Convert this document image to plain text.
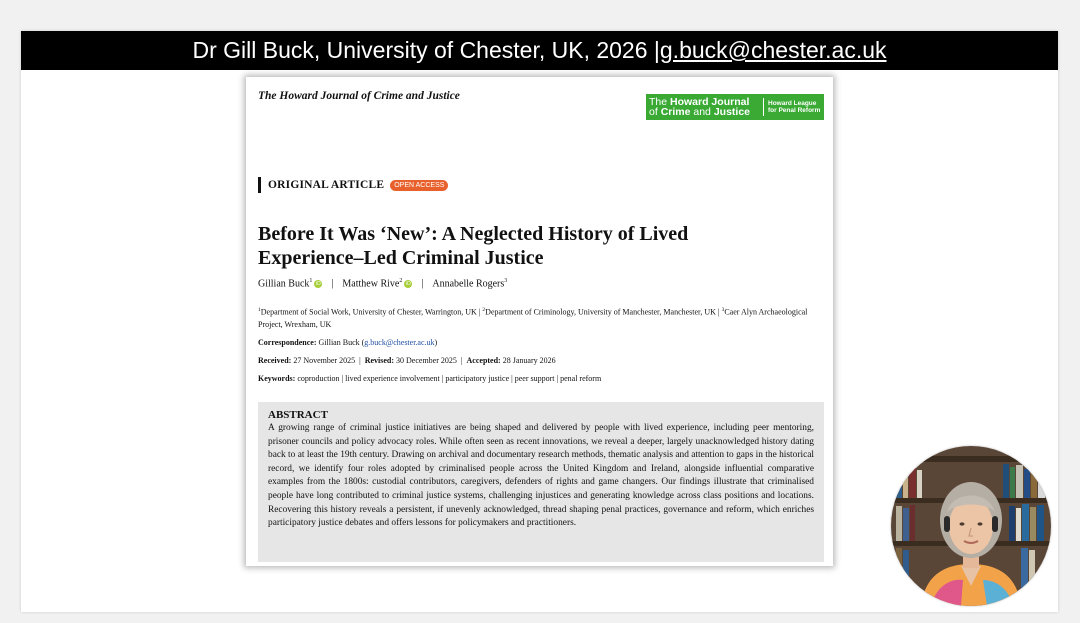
Dr Gill Buck, University of Chester, UK, 2026 | g.buck@chester.ac.uk
The Howard Journal of Crime and Justice	The Howard Journal
of Crime and Justice
Howard League
for Penal Reform
ORIGINAL ARTICLE	OPEN ACCESS
Before It Was ‘New’: A Neglected History of Lived Experience–Led Criminal Justice
Gillian Buck$^1$ iD | Matthew Rive$^2$ iD | Annabelle Rogers$^3$
$^1$Department of Social Work, University of Chester, Warrington, UK | $^2$Department of Criminology, University of Manchester, Manchester, UK | $^3$Caer Alyn Archaeological Project, Wrexham, UK
Correspondence: Gillian Buck (g.buck@chester.ac.uk)
Received: 27 November 2025 | Revised: 30 December 2025 | Accepted: 28 January 2026
Keywords: coproduction | lived experience involvement | participatory justice | peer support | penal reform
ABSTRACT
A growing range of criminal justice initiatives are being shaped and delivered by people with lived experience, including peer mentoring, prisoner councils and policy advocacy roles. While often seen as recent innovations, we reveal a deeper, largely unacknowledged history dating back to at least the 19th century. Drawing on archival and documentary research methods, thematic analysis and attention to gaps in the historical record, we identify four roles adopted by criminalised people across the United Kingdom and Ireland, alongside influential comparative examples from the 1800s: custodial contributors, caregivers, defenders of rights and game changers. Our findings illustrate that criminalised people have long contributed to criminal justice systems, challenging injustices and generating knowledge across class positions and locations. Recovering this history reveals a persistent, if unevenly acknowledged, thread shaping penal practices, governance and reform, which enriches participatory justice debates and offers lessons for policymakers and practitioners.
